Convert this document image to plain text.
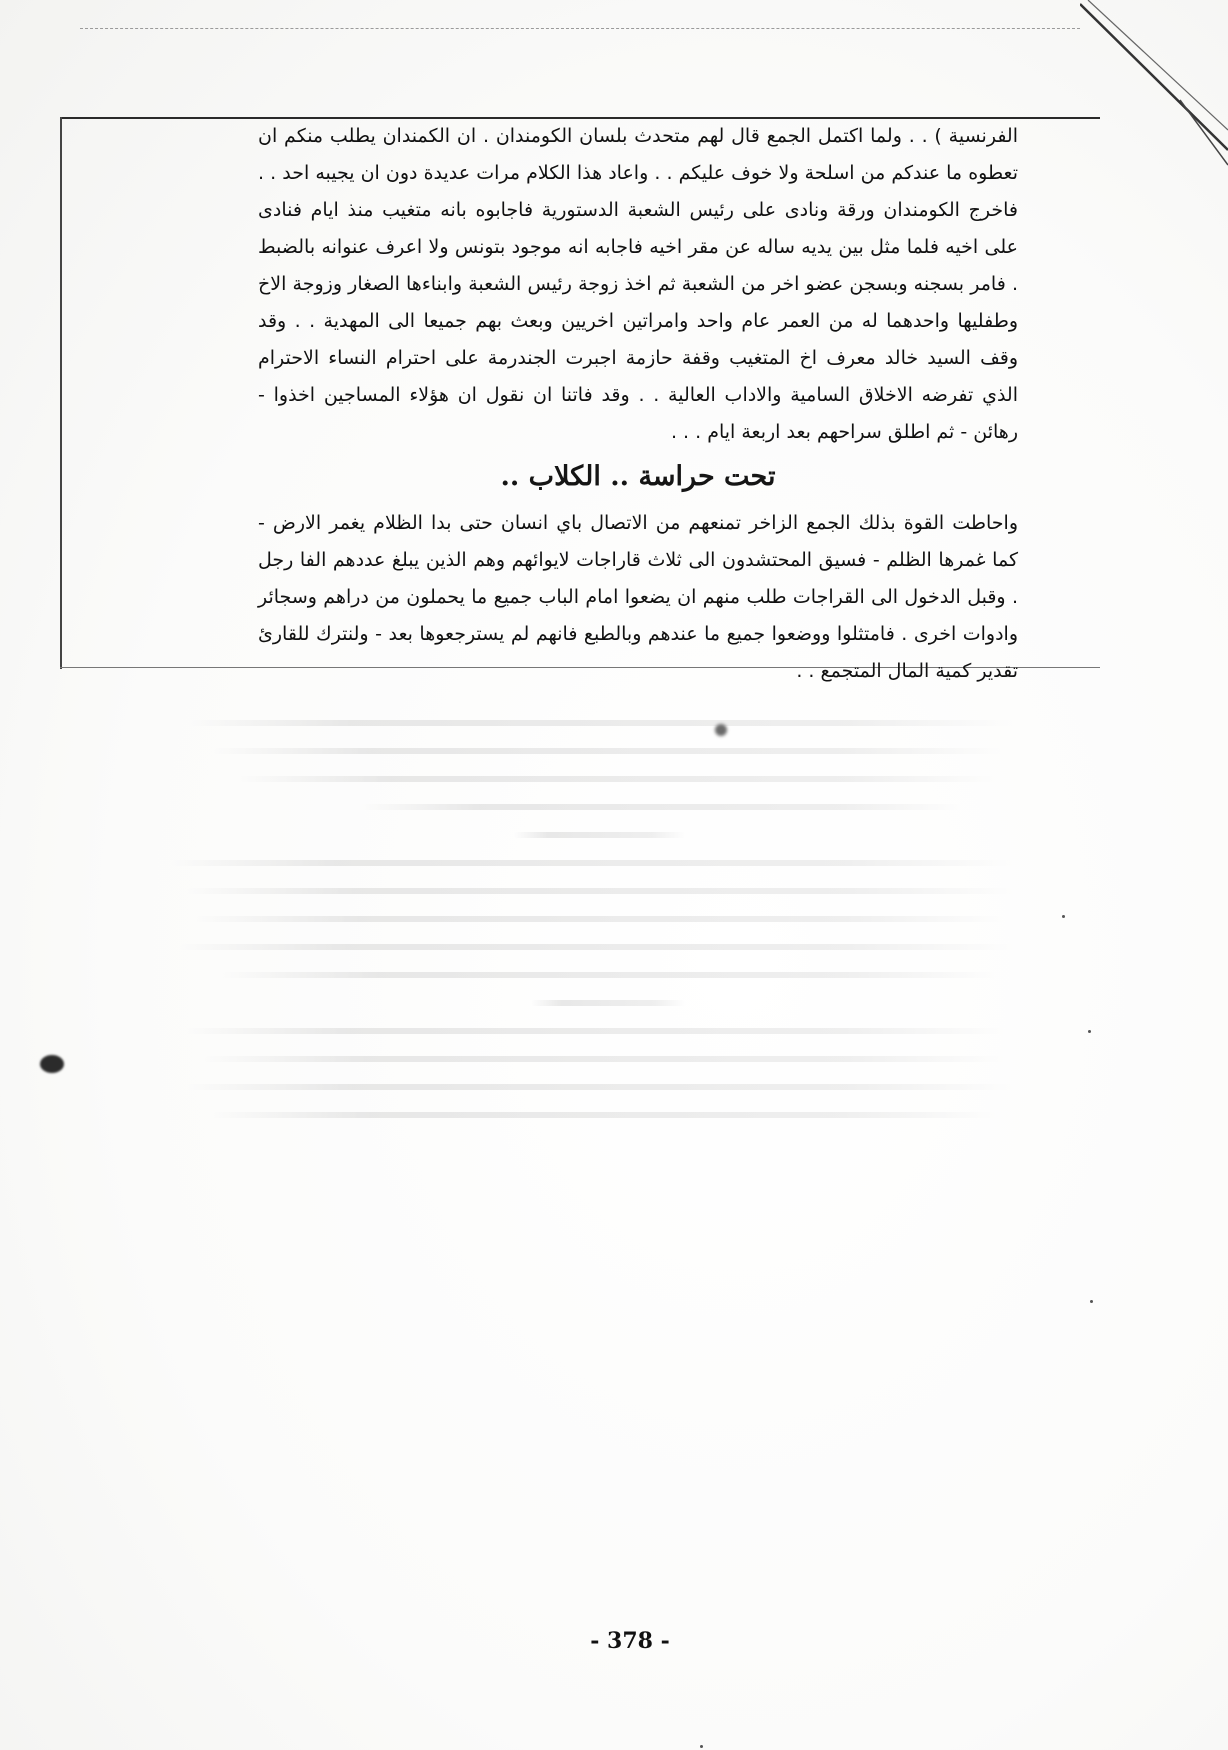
الفرنسية ) . . ولما اكتمل الجمع قال لهم متحدث بلسان الكومندان . ان الكمندان يطلب منكم ان تعطوه ما عندكم من اسلحة ولا خوف عليكم . . واعاد هذا الكلام مرات عديدة دون ان يجيبه احد . . فاخرج الكومندان ورقة ونادى على رئيس الشعبة الدستورية فاجابوه بانه متغيب منذ ايام فنادى على اخيه فلما مثل بين يديه ساله عن مقر اخيه فاجابه انه موجود بتونس ولا اعرف عنوانه بالضبط . فامر بسجنه وبسجن عضو اخر من الشعبة ثم اخذ زوجة رئيس الشعبة وابناءها الصغار وزوجة الاخ وطفليها واحدهما له من العمر عام واحد وامراتين اخريين وبعث بهم جميعا الى المهدية . . وقد وقف السيد خالد معرف اخ المتغيب وقفة حازمة اجبرت الجندرمة على احترام النساء الاحترام الذي تفرضه الاخلاق السامية والاداب العالية . . وقد فاتنا ان نقول ان هؤلاء المساجين اخذوا - رهائن - ثم اطلق سراحهم بعد اربعة ايام . . .

تحت حراسة .. الكلاب ..

واحاطت القوة بذلك الجمع الزاخر تمنعهم من الاتصال باي انسان حتى بدا الظلام يغمر الارض - كما غمرها الظلم - فسيق المحتشدون الى ثلاث قاراجات لايوائهم وهم الذين يبلغ عددهم الفا رجل . وقبل الدخول الى القراجات طلب منهم ان يضعوا امام الباب جميع ما يحملون من دراهم وسجائر وادوات اخرى . فامتثلوا ووضعوا جميع ما عندهم وبالطبع فانهم لم يسترجعوها بعد - ولنترك للقارئ تقدير كمية المال المتجمع . .

- 378 -
